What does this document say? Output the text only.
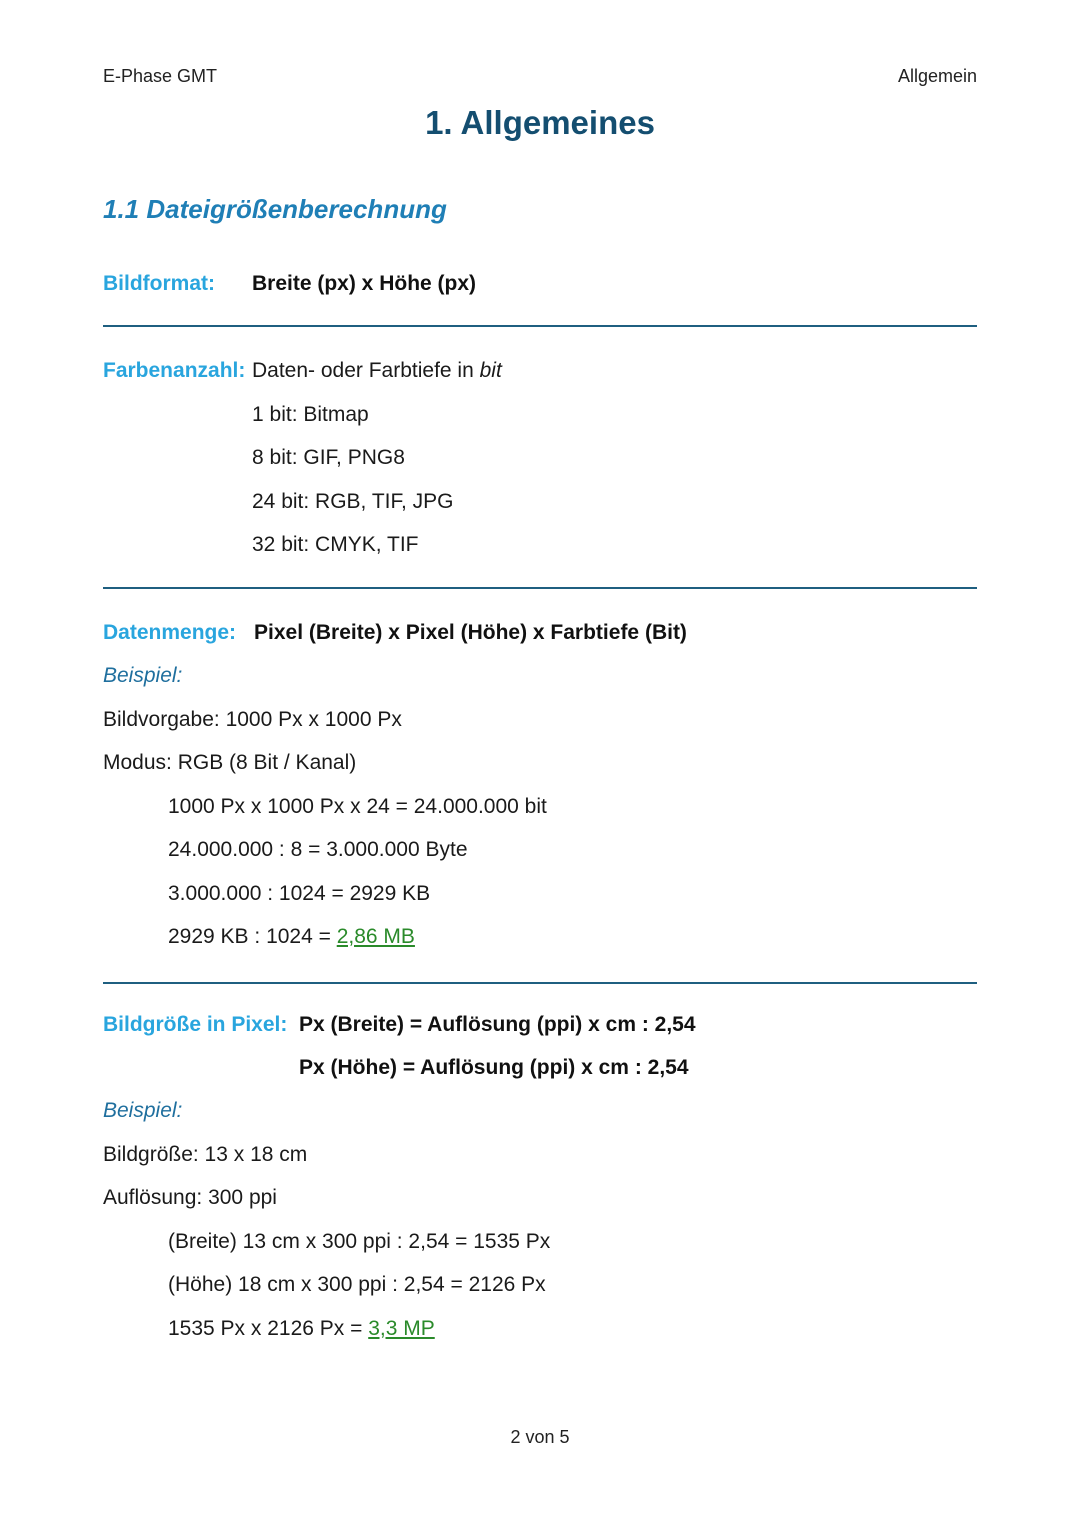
E-Phase GMT	Allgemein
1. Allgemeines
1.1 Dateigrößenberechnung
Bildformat: Breite (px) x Höhe (px)
Farbenanzahl: Daten- oder Farbtiefe in bit
1 bit: Bitmap
8 bit: GIF, PNG8
24 bit: RGB, TIF, JPG
32 bit: CMYK, TIF
Datenmenge: Pixel (Breite) x Pixel (Höhe) x Farbtiefe (Bit)
Beispiel:
Bildvorgabe: 1000 Px x 1000 Px
Modus: RGB (8 Bit / Kanal)
1000 Px x 1000 Px x 24 = 24.000.000 bit
24.000.000 : 8 = 3.000.000 Byte
3.000.000 : 1024 = 2929 KB
2929 KB : 1024 = 2,86 MB
Bildgröße in Pixel: Px (Breite) = Auflösung (ppi) x cm : 2,54
Px (Höhe) = Auflösung (ppi) x cm : 2,54
Beispiel:
Bildgröße: 13 x 18 cm
Auflösung: 300 ppi
(Breite) 13 cm x 300 ppi : 2,54 = 1535 Px
(Höhe) 18 cm x 300 ppi : 2,54 = 2126 Px
1535 Px x 2126 Px = 3,3 MP
2 von 5
